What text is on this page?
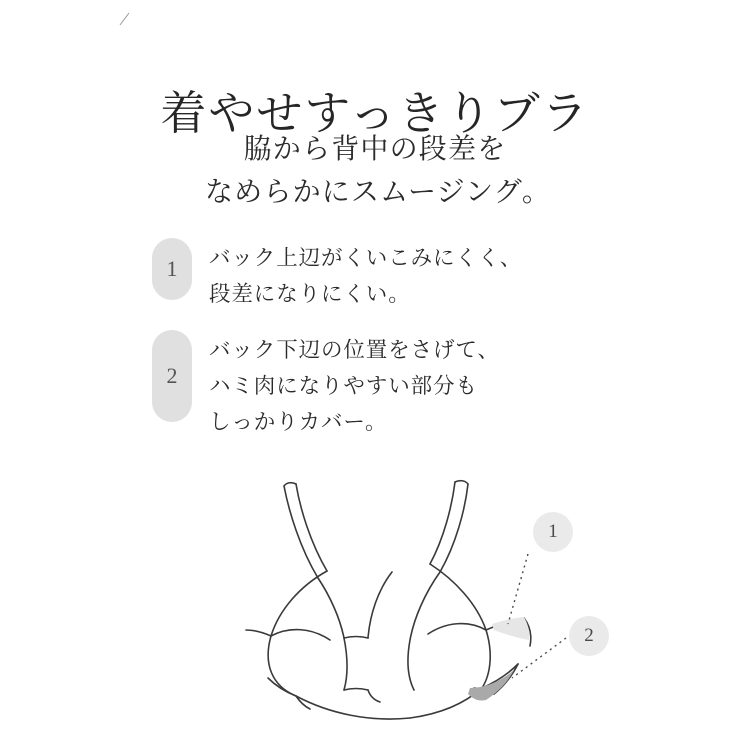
着やせすっきりブラ
脇から背中の段差を
なめらかにスムージング。
1	バック上辺がくいこみにくく、
段差になりにくい。
2
バック下辺の位置をさげて、
ハミ肉になりやすい部分も
しっかりカバー。
1
2
